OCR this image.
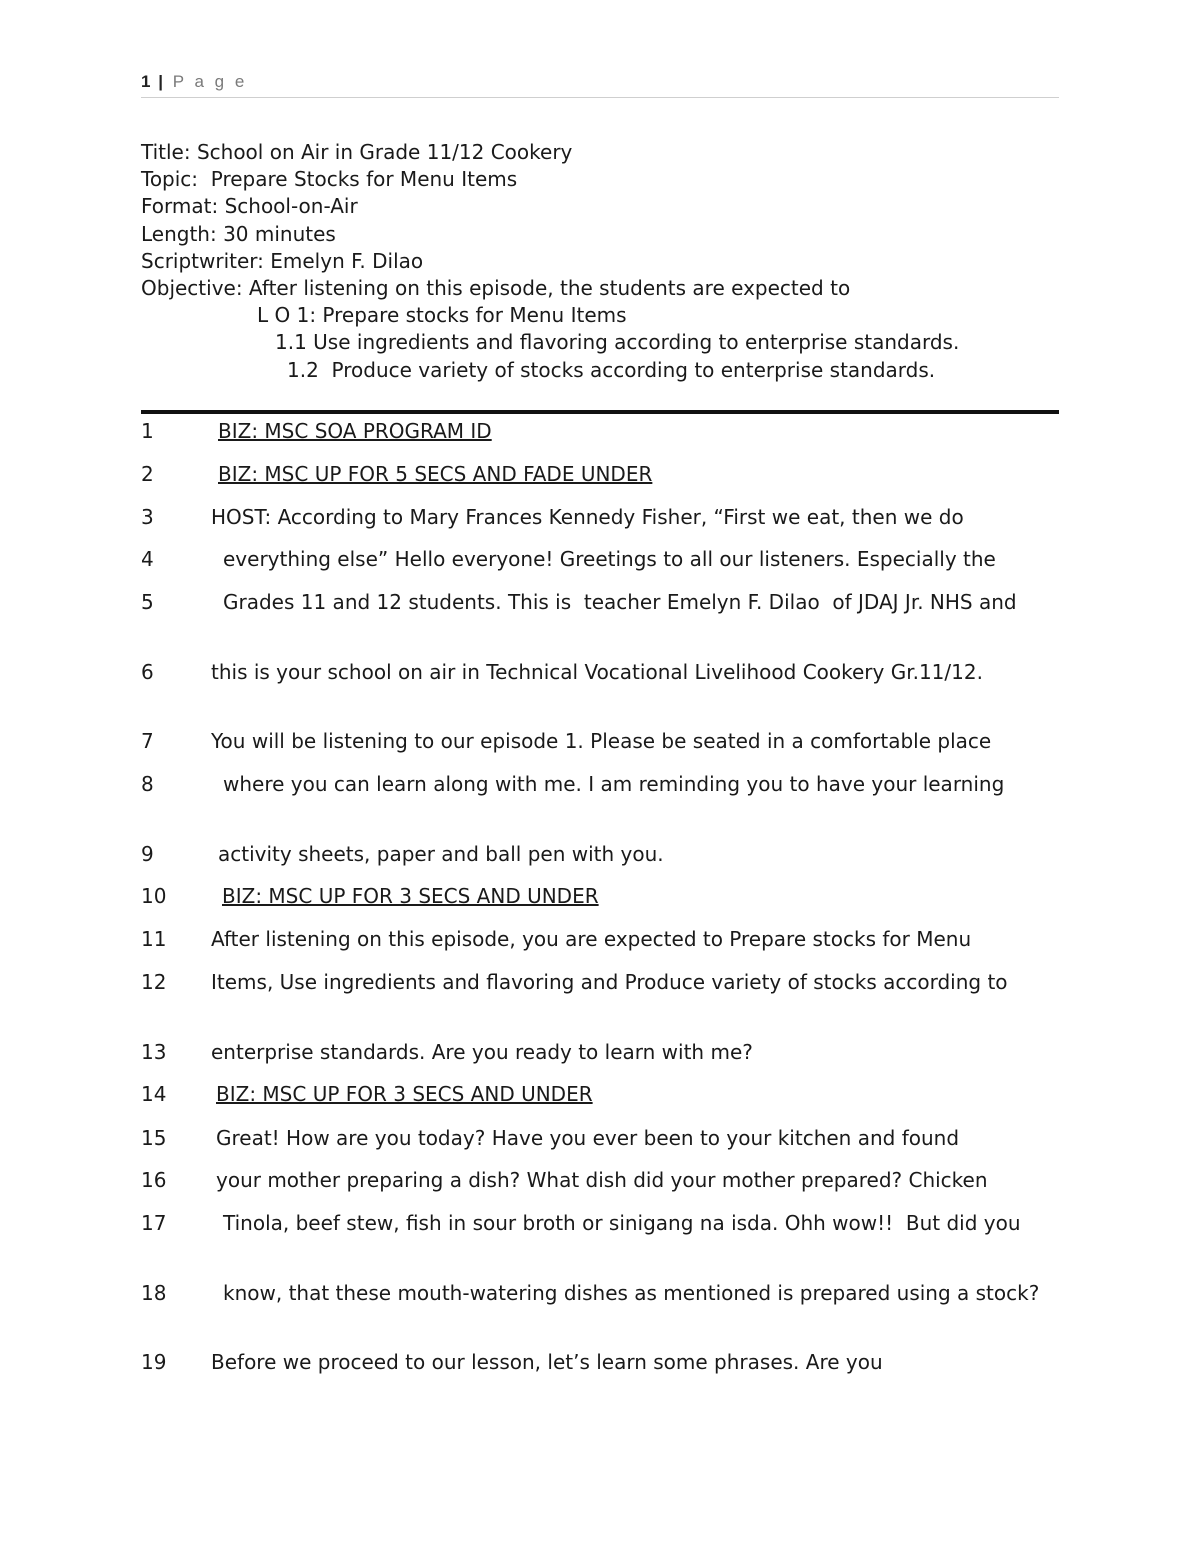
1 | P a g e
Title: School on Air in Grade 11/12 Cookery
Topic:  Prepare Stocks for Menu Items
Format: School-on-Air
Length: 30 minutes
Scriptwriter: Emelyn F. Dilao
Objective: After listening on this episode, the students are expected to
L O 1: Prepare stocks for Menu Items
1.1 Use ingredients and flavoring according to enterprise standards.
1.2  Produce variety of stocks according to enterprise standards.
1	BIZ: MSC SOA PROGRAM ID
2	BIZ: MSC UP FOR 5 SECS AND FADE UNDER
3	HOST: According to Mary Frances Kennedy Fisher, “First we eat, then we do
4	everything else” Hello everyone! Greetings to all our listeners. Especially the
5	Grades 11 and 12 students. This is  teacher Emelyn F. Dilao  of JDAJ Jr. NHS and
6	this is your school on air in Technical Vocational Livelihood Cookery Gr.11/12.
7	You will be listening to our episode 1. Please be seated in a comfortable place
8	where you can learn along with me. I am reminding you to have your learning
9	activity sheets, paper and ball pen with you.
10	BIZ: MSC UP FOR 3 SECS AND UNDER
11 After listening on this episode, you are expected to Prepare stocks for Menu
12 Items, Use ingredients and flavoring and Produce variety of stocks according to
13 enterprise standards. Are you ready to learn with me?
14 BIZ: MSC UP FOR 3 SECS AND UNDER
15 Great! How are you today? Have you ever been to your kitchen and found
16 your mother preparing a dish? What dish did your mother prepared? Chicken
17	Tinola, beef stew, fish in sour broth or sinigang na isda. Ohh wow!!  But did you
18	know, that these mouth-watering dishes as mentioned is prepared using a stock?
19 Before we proceed to our lesson, let’s learn some phrases. Are you
